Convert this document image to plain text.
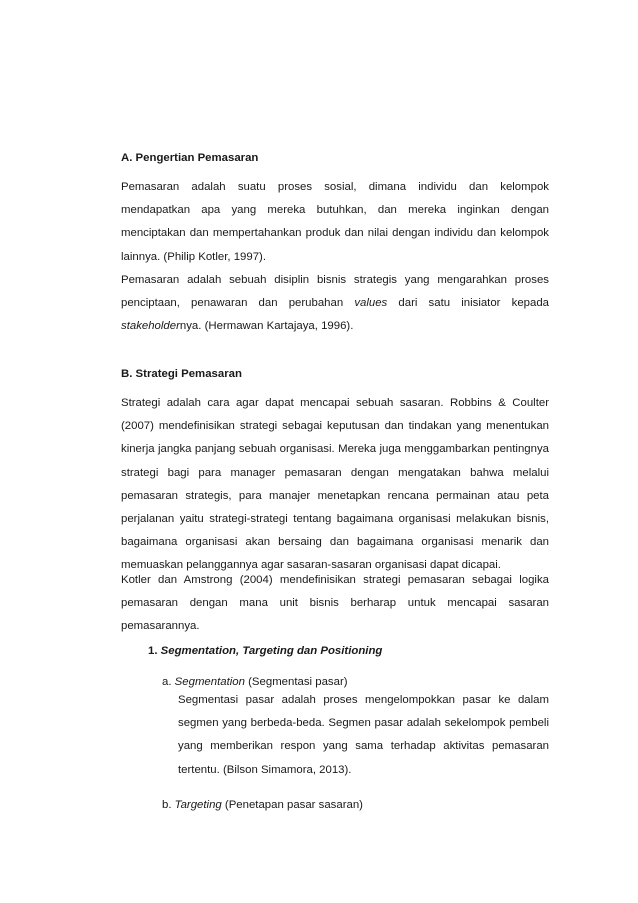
A. Pengertian Pemasaran

Pemasaran adalah suatu proses sosial, dimana individu dan kelompok mendapatkan apa yang mereka butuhkan, dan mereka inginkan dengan menciptakan dan mempertahankan produk dan nilai dengan individu dan kelompok lainnya. (Philip Kotler, 1997).

Pemasaran adalah sebuah disiplin bisnis strategis yang mengarahkan proses penciptaan, penawaran dan perubahan values dari satu inisiator kepada stakeholdernya. (Hermawan Kartajaya, 1996).

B. Strategi Pemasaran

Strategi adalah cara agar dapat mencapai sebuah sasaran. Robbins & Coulter (2007) mendefinisikan strategi sebagai keputusan dan tindakan yang menentukan kinerja jangka panjang sebuah organisasi. Mereka juga menggambarkan pentingnya strategi bagi para manager pemasaran dengan mengatakan bahwa melalui pemasaran strategis, para manajer menetapkan rencana permainan atau peta perjalanan yaitu strategi-strategi tentang bagaimana organisasi melakukan bisnis, bagaimana organisasi akan bersaing dan bagaimana organisasi menarik dan memuaskan pelanggannya agar sasaran-sasaran organisasi dapat dicapai.

Kotler dan Amstrong (2004) mendefinisikan strategi pemasaran sebagai logika pemasaran dengan mana unit bisnis berharap untuk mencapai sasaran pemasarannya.

1. Segmentation, Targeting dan Positioning

a. Segmentation (Segmentasi pasar)

Segmentasi pasar adalah proses mengelompokkan pasar ke dalam segmen yang berbeda-beda. Segmen pasar adalah sekelompok pembeli yang memberikan respon yang sama terhadap aktivitas pemasaran tertentu. (Bilson Simamora, 2013).

b. Targeting (Penetapan pasar sasaran)
